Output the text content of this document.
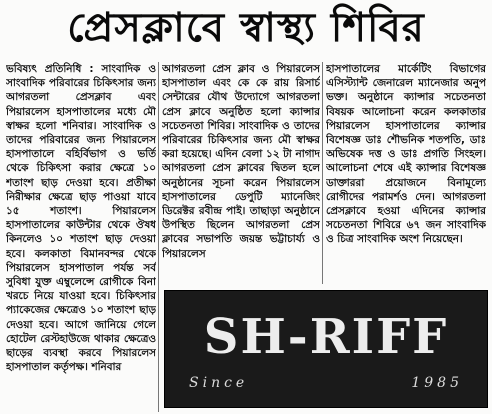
প্রেসক্লাবে স্বাস্থ্য শিবির

ভবিষ্যৎ প্রতিনিধি : সাংবাদিক ও সাংবাদিক পরিবারের চিকিৎসার জন্য আগরতলা প্রেসক্লাব এবং পিয়ারলেস হাসপাতালের মধ্যে মৌ স্বাক্ষর হলো শনিবার। সাংবাদিক ও তাদের পরিবারের জন্য পিয়ারলেস হাসপাতালে বহির্বিভাগ ও ভর্তি থেকে চিকিৎসা করার ক্ষেত্রে ১০ শতাংশ ছাড় দেওয়া হবে। প্রতীক্ষা নিরীক্ষার ক্ষেত্রে ছাড় পাওয়া যাবে ১৫ শতাংশ। পিয়ারলেস হাসপাতালের কাউন্টার থেকে ঔষধ কিনলেও ১০ শতাংশ ছাড় দেওয়া হবে। কলকাতা বিমানবন্দর থেকে পিয়ারলেস হাসপাতাল পর্যন্ত সর্ব সুবিধা যুক্ত এম্বুলেন্সে রোগীকে বিনা খরচে নিয়ে যাওয়া হবে। চিকিৎসার প্যাকেজের ক্ষেত্রেও ১০ শতাংশ ছাড় দেওয়া হবে। আগে জানিয়ে গেলে হোটেল রেস্টহাউজে থাকার ক্ষেত্রেও ছাড়ের ব্যবস্থা করবে পিয়ারলেস হাসপাতাল কর্তৃপক্ষ। শনিবার

আগরতলা প্রেস ক্লাব ও পিয়ারলেস হাসপাতাল এবং কে কে রায় রিসার্চ সেন্টারের যৌথ উদ্যোগে আগরতলা প্রেস ক্লাবে অনুষ্ঠিত হলো ক্যান্সার সচেতনতা শিবির। সাংবাদিক ও তাদের পরিবারের চিকিৎসার জন্য মৌ স্বাক্ষর করা হয়েছে। এদিন বেলা ১২ টা নাগাদ আগরতলা প্রেস ক্লাবের দ্বিতল হলে অনুষ্ঠানের সূচনা করেন পিয়ারলেস হাসপাতালের ডেপুটি ম্যানেজিং ডিরেক্টর রবীন্দ্র পাই। তাছাড়া অনুষ্ঠানে উপস্থিত ছিলেন আগরতলা প্রেস ক্লাবের সভাপতি জয়ন্ত ভট্টাচার্য্য ও পিয়ারলেস

হাসপাতালের মার্কেটিং বিভাগের এসিস্ট্যান্ট জেনারেল ম্যানেজার অনুপ ভক্ত। অনুষ্ঠানে ক্যান্সার সচেতনতা বিষয়ক আলোচনা করেন কলকাতার পিয়ারলেস হাসপাতালের ক্যান্সার বিশেষজ্ঞ ডাঃ শৌভনিক শতপতি, ডাঃ অভিষেক দত্ত ও ডাঃ প্রগতি সিংহল। আলোচনা শেষে এই ক্যান্সার বিশেষজ্ঞ ডাক্তাররা প্রয়োজনে বিনামূল্যে রোগীদের পরামর্শও দেন। আগরতলা প্রেসক্লাবে হওয়া এদিনের ক্যান্সার সচেতনতা শিবিরে ৬৭ জন সাংবাদিক ও চিত্র সাংবাদিক অংশ নিয়েছেন।

SH-RIFF
Since	1985
